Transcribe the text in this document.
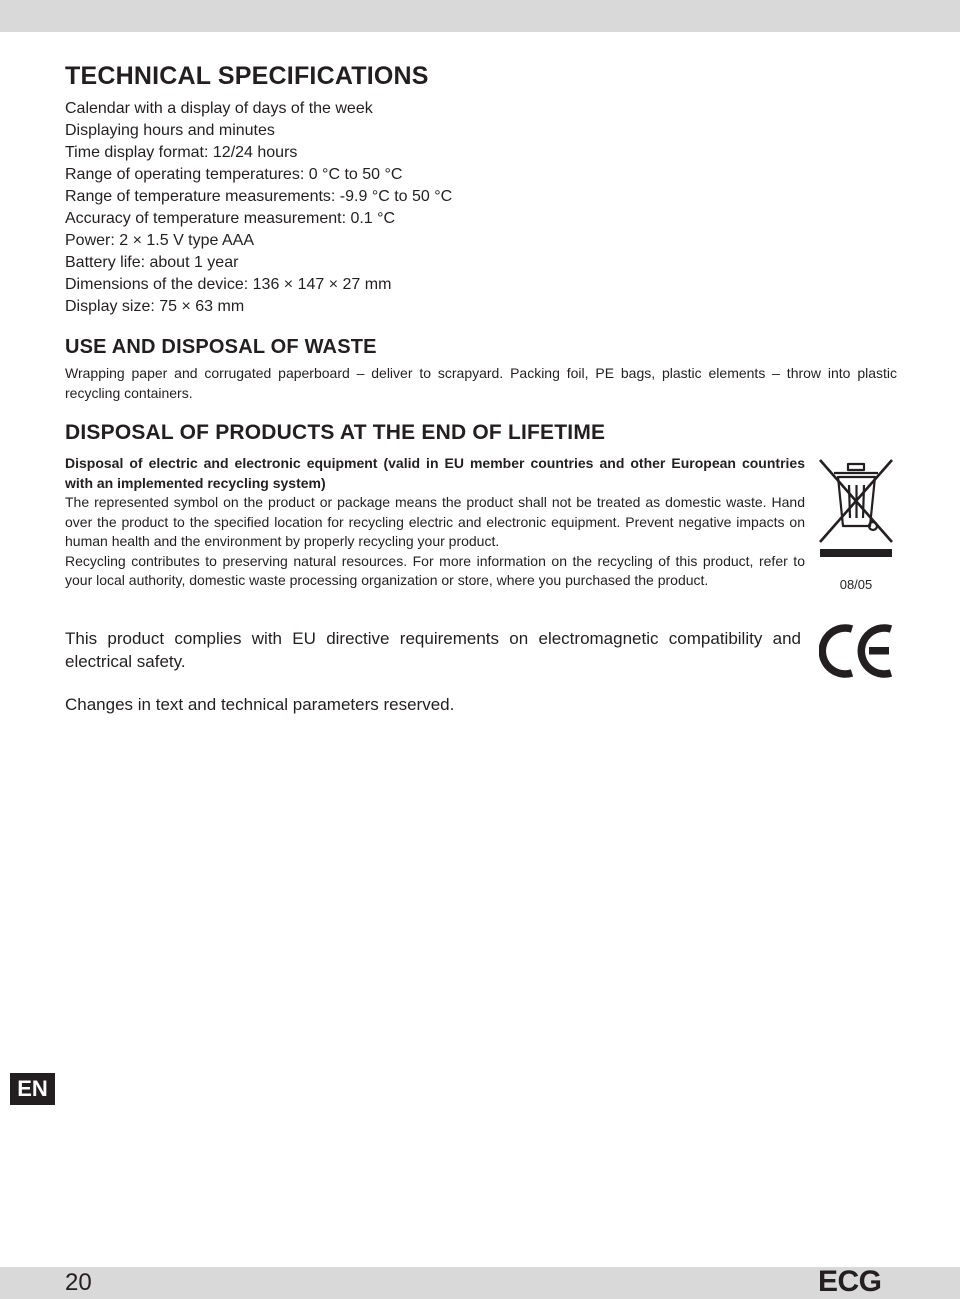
TECHNICAL SPECIFICATIONS
Calendar with a display of days of the week
Displaying hours and minutes
Time display format: 12/24 hours
Range of operating temperatures: 0 °C to 50 °C
Range of temperature measurements: -9.9 °C to 50 °C
Accuracy of temperature measurement: 0.1 °C
Power: 2 × 1.5 V type AAA
Battery life: about 1 year
Dimensions of the device: 136 × 147 × 27 mm
Display size: 75 × 63 mm
USE AND DISPOSAL OF WASTE
Wrapping paper and corrugated paperboard – deliver to scrapyard. Packing foil, PE bags, plastic elements – throw into plastic recycling containers.
DISPOSAL OF PRODUCTS AT THE END OF LIFETIME

Disposal of electric and electronic equipment (valid in EU member countries and other European countries with an implemented recycling system)

The represented symbol on the product or package means the product shall not be treated as domestic waste. Hand over the product to the specified location for recycling electric and electronic equipment. Prevent negative impacts on human health and the environment by properly recycling your product.

Recycling contributes to preserving natural resources. For more information on the recycling of this product, refer to your local authority, domestic waste processing organization or store, where you purchased the product.	08/05
This product complies with EU directive requirements on electromagnetic compatibility and electrical safety.
Changes in text and technical parameters reserved.
EN
20	ECG
